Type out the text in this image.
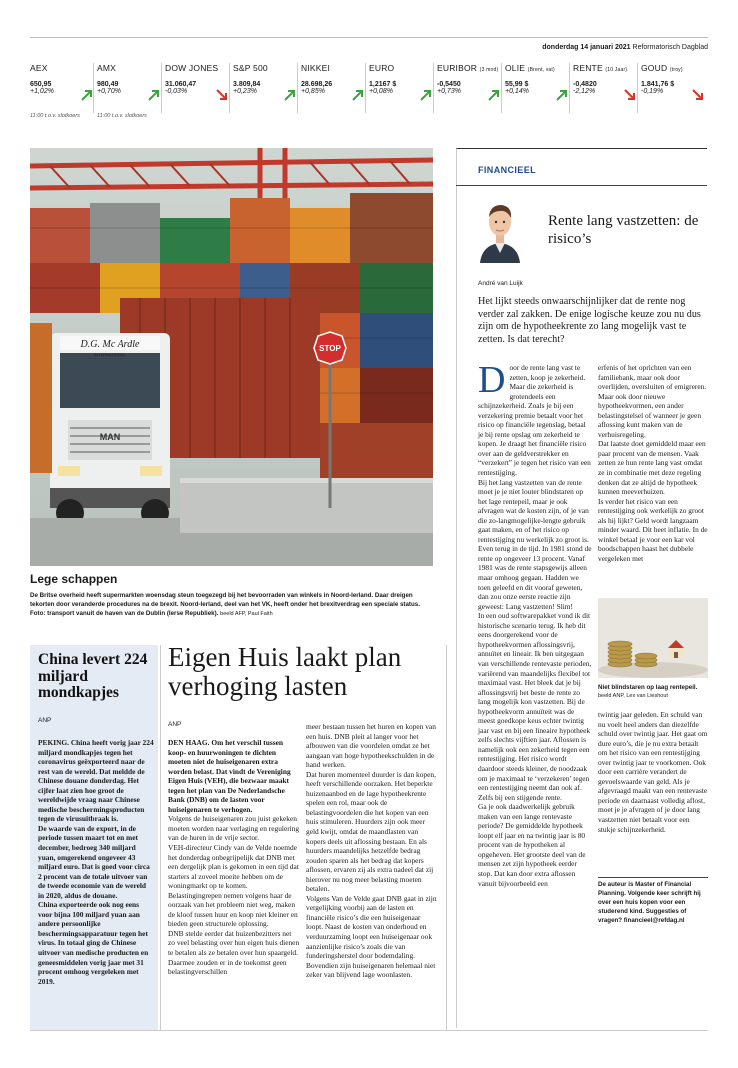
donderdag 14 januari 2021 Reformatorisch Dagblad
AEX
650,95
+1,02%
AMX
980,49
+0,70%
DOW JONES
31.060,47
-0,03%
S&P 500
3.809,84
+0,23%
NIKKEI
28.698,26
+0,85%
EURO
1,2167 $
+0,08%
EURIBOR (3 mnd)
-0,5450
+0,73%
OLIE (Brent, vat)
55,99 $
+0,14%
RENTE (10 Jaar)
-0,4820
-2,12%
GOUD (troy)
1.841,76 $
-0,19%
11:00 t.o.v. slotkoers	11:00 t.o.v. slotkoers
D.G. Mc Ardle
INTERNATIONAL
MAN
STOP
Lege schappen
De Britse overheid heeft supermarkten woensdag steun toegezegd bij het bevoorraden van winkels in Noord-Ierland. Daar dreigen tekorten door veranderde procedures na de brexit. Noord-Ierland, deel van het VK, heeft onder het brexitverdrag een speciale status. Foto: transport vanuit de haven van de Dublin (Ierse Republiek). beeld AFP, Paul Faith
FINANCIEEL
Rente lang vastzetten: de risico’s
André van Luijk
Het lijkt steeds onwaarschijnlijker dat de rente nog verder zal zakken. De enige logische keuze zou nu dus zijn om de hypotheekrente zo lang mogelijk vast te zetten. Is dat terecht?
D oor de rente lang vast te zetten, koop je zekerheid. Maar die zekerheid is grotendeels een schijnzekerheid. Zoals je bij een verzekering premie betaalt voor het risico op financiële tegenslag, betaal je bij rente opslag om zekerheid te kopen. Je draagt het financiële risico over aan de geldverstrekker en “verzekert” je tegen het risico van een rentestijging.

Bij het lang vastzetten van de rente moet je je niet louter blindstaren op het lage rentepeil, maar je ook afvragen wat de kosten zijn, of je van die zo-langmogelijke-lengte gebruik gaat maken, en of het risico op rentestijging nu werkelijk zo groot is.

Even terug in de tijd. In 1981 stond de rente op ongeveer 13 procent. Vanaf 1981 was de rente stapsgewijs alleen maar omhoog gegaan. Hadden we toen geleefd en dit vooraf geweten, dan zou onze eerste reactie zijn geweest: Lang vastzetten! Slim!

In een oud softwarepakket vond ik dit historische scenario terug. Ik heb dit eens doorgerekend voor de hypotheekvormen aflossingsvrij, annuïtet en lineair. Ik ben uitgegaan van verschillende rentevaste perioden, variërend van maandelijks flexibel tot maximaal vast. Het bleek dat je bij aflossingsvrij het beste de rente zo lang mogelijk kon vastzetten. Bij de hypotheekvorm annuïteit was de meest goedkope keus echter twintig jaar vast en bij een lineaire hypotheek zelfs slechts vijftien jaar. Aflossen is namelijk ook een zekerheid tegen een rentestijging. Het risico wordt daardoor steeds kleiner, de noodzaak om je maximaal te ‘verzekeren’ tegen een rentestijging neemt dan ook af. Zelfs bij een stijgende rente.

Ga je ook daadwerkelijk gebruik maken van een lange rentevaste periode? De gemiddelde hypotheek loopt elf jaar en na twintig jaar is 80 procent van de hypotheken al opgeheven. Het grootste deel van de mensen zet zijn hypotheek eerder stop. Dat kan door extra aflossen vanuit bijvoorbeeld een

erfenis of het oprichten van een familiebank, maar ook door overlijden, oversluiten of emigreren. Maar ook door nieuwe hypotheekvormen, een ander belastingstelsel of wanneer je geen aflossing kunt maken van de verhuisregeling.

Dat laatste doet gemiddeld maar een paar procent van de mensen. Vaak zetten ze hun rente lang vast omdat ze in combinatie met deze regeling denken dat ze altijd de hypotheek kunnen meeverhuizen.

Is verder het risico van een rentestijging ook werkelijk zo groot als hij lijkt? Geld wordt langzaam minder waard. Dit heet inflatie. In de winkel betaal je voor een kar vol boodschappen haast het dubbele vergeleken met

Niet blindstaren op laag rentepeil. beeld ANP, Lex van Lieshout

twintig jaar geleden. En schuld van nu voelt heel anders dan diezelfde schuld over twintig jaar. Het gaat om dure euro’s, die je nu extra betaalt om het risico van een rentestijging over twintig jaar te voorkomen. Ook door een carrière verandert de gevoelswaarde van geld. Als je afgevraagd maakt van een rentevaste periode en daarnaast volledig aflost, moet je je afvragen of je door lang vastzetten niet betaalt voor een stukje schijnzekerheid.

De auteur is Master of Financial Planning. Volgende keer schrijft hij over een huis kopen voor een studerend kind. Suggesties of vragen? financieel@refdag.nl
China levert 224 miljard mondkapjes
ANP

PEKING. China heeft vorig jaar 224 miljard mondkapjes tegen het coronavirus geëxporteerd naar de rest van de wereld. Dat meldde de Chinese douane donderdag. Het cijfer laat zien hoe groot de wereldwijde vraag naar Chinese medische beschermingsproducten tegen de virusuitbraak is.

De waarde van de export, in de periode tussen maart tot en met december, bedroeg 340 miljard yuan, omgerekend ongeveer 43 miljard euro. Dat is goed voor circa 2 procent van de totale uitvoer van de tweede economie van de wereld in 2020, aldus de douane.

China exporteerde ook nog eens voor bijna 100 miljard yuan aan andere persoonlijke beschermingsapparatuur tegen het virus. In totaal ging de Chinese uitvoer van medische producten en geneesmiddelen vorig jaar met 31 procent omhoog vergeleken met 2019.

Eigen Huis laakt plan verhoging lasten
ANP

DEN HAAG. Om het verschil tussen koop- en huurwoningen te dichten moeten niet de huiseigenaren extra worden belast. Dat vindt de Vereniging Eigen Huis (VEH), die bezwaar maakt tegen het plan van De Nederlandsche Bank (DNB) om de lasten voor huiseigenaren te verhogen.

Volgens de huiseigenaren zou juist gekeken moeten worden naar verlaging en regulering van de huren in de vrije sector.

VEH-directeur Cindy van de Velde noemde het donderdag onbegrijpelijk dat DNB met een dergelijk plan is gekomen in een tijd dat starters al zoveel moeite hebben om de woningmarkt op te komen. Belastingingrepen nemen volgens haar de oorzaak van het probleem niet weg, maken de kloof tussen huur en koop niet kleiner en bieden geen structurele oplossing.

DNB stelde eerder dat huizenbezitters net zo veel belasting over hun eigen huis dienen te betalen als ze betalen over hun spaargeld. Daarmee zouden er in de toekomst geen belastingverschillen

meer bestaan tussen het huren en kopen van een huis. DNB pleit al langer voor het afbouwen van die voordelen omdat ze het aangaan van hoge hypotheekschulden in de hand werken.

Dat huren momenteel duurder is dan kopen, heeft verschillende oorzaken. Het beperkte huizenaanbod en de lage hypotheekrente spelen een rol, maar ook de belastingvoordelen die het kopen van een huis stimuleren. Huurders zijn ook meer geld kwijt, omdat de maandlasten van kopers deels uit aflossing bestaan. En als huurders maandelijks hetzelfde bedrag zouden sparen als het bedrag dat kopers aflossen, ervaren zij als extra nadeel dat zij hierover nu nog meer belasting moeten betalen.

Volgens Van de Velde gaat DNB gaat in zijn vergelijking voorbij aan de lasten en financiële risico’s die een huiseigenaar loopt. Naast de kosten van onderhoud en verduurzaming loopt een huiseigenaar ook aanzienlijke risico’s zoals die van funderingsherstel door bodemdaling. Bovendien zijn huiseigenaren helemaal niet zeker van blijvend lage woonlasten.
